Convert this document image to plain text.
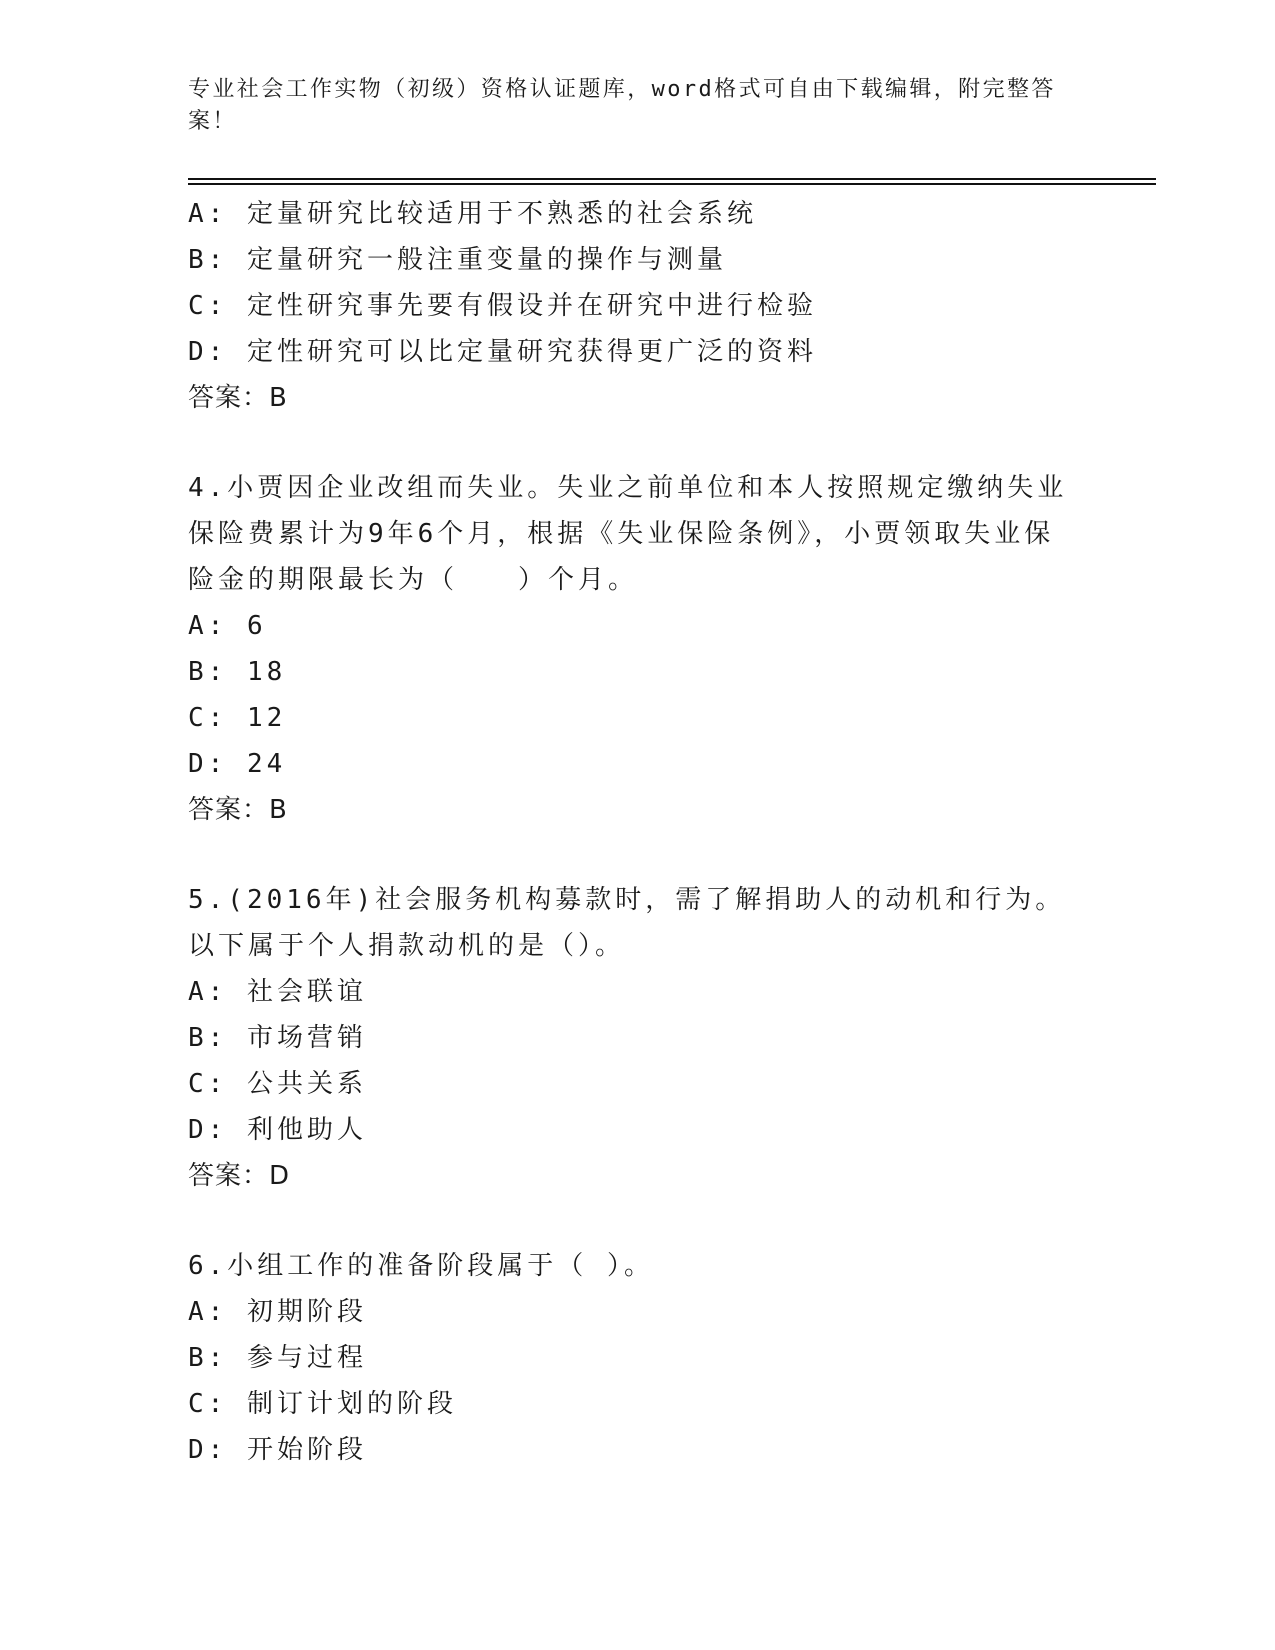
专业社会工作实物（初级）资格认证题库，word格式可自由下载编辑，附完整答案！
A: 定量研究比较适用于不熟悉的社会系统
B: 定量研究一般注重变量的操作与测量
C: 定性研究事先要有假设并在研究中进行检验
D: 定性研究可以比定量研究获得更广泛的资料
答案：B
4.小贾因企业改组而失业。失业之前单位和本人按照规定缴纳失业保险费累计为9年6个月，根据《失业保险条例》，小贾领取失业保险金的期限最长为（　　）个月。
A: 6
B: 18
C: 12
D: 24
答案：B
5.(2016年)社会服务机构募款时，需了解捐助人的动机和行为。以下属于个人捐款动机的是（）。
A: 社会联谊
B: 市场营销
C: 公共关系
D: 利他助人
答案：D
6.小组工作的准备阶段属于（ ）。
A: 初期阶段
B: 参与过程
C: 制订计划的阶段
D: 开始阶段
